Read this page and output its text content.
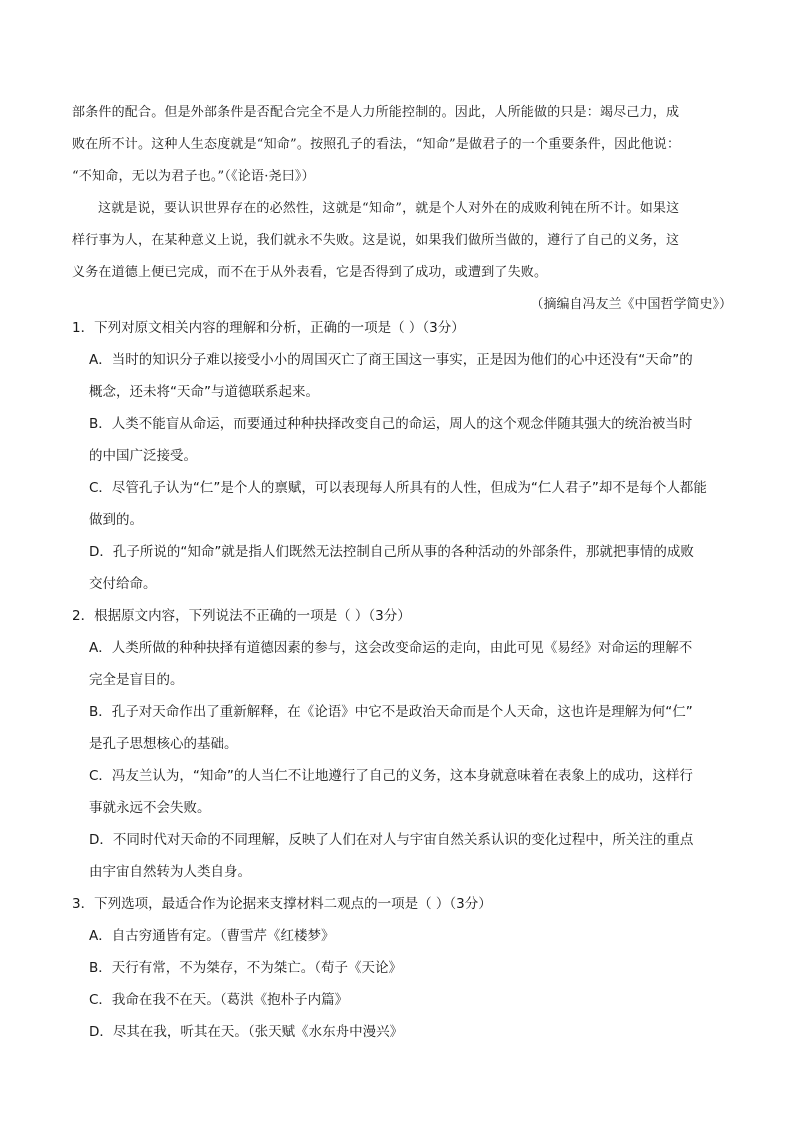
部条件的配合。但是外部条件是否配合完全不是人力所能控制的。因此，人所能做的只是：竭尽己力，成
败在所不计。这种人生态度就是“知命”。按照孔子的看法，“知命”是做君子的一个重要条件，因此他说：
“不知命，无以为君子也。”（《论语·尧曰》）
这就是说，要认识世界存在的必然性，这就是“知命”，就是个人对外在的成败利钝在所不计。如果这
样行事为人，在某种意义上说，我们就永不失败。这是说，如果我们做所当做的，遵行了自己的义务，这
义务在道德上便已完成，而不在于从外表看，它是否得到了成功，或遭到了失败。
（摘编自冯友兰《中国哲学简史》）
1．下列对原文相关内容的理解和分析，正确的一项是（ ）（3分）
A．当时的知识分子难以接受小小的周国灭亡了商王国这一事实，正是因为他们的心中还没有“天命”的
概念，还未将“天命”与道德联系起来。
B．人类不能盲从命运，而要通过种种抉择改变自己的命运，周人的这个观念伴随其强大的统治被当时
的中国广泛接受。
C．尽管孔子认为“仁”是个人的禀赋，可以表现每人所具有的人性，但成为“仁人君子”却不是每个人都能
做到的。
D．孔子所说的“知命”就是指人们既然无法控制自己所从事的各种活动的外部条件，那就把事情的成败
交付给命。
2．根据原文内容，下列说法不正确的一项是（ ）（3分）
A．人类所做的种种抉择有道德因素的参与，这会改变命运的走向，由此可见《易经》对命运的理解不
完全是盲目的。
B．孔子对天命作出了重新解释，在《论语》中它不是政治天命而是个人天命，这也许是理解为何“仁”
是孔子思想核心的基础。
C．冯友兰认为，“知命”的人当仁不让地遵行了自己的义务，这本身就意味着在表象上的成功，这样行
事就永远不会失败。
D．不同时代对天命的不同理解，反映了人们在对人与宇宙自然关系认识的变化过程中，所关注的重点
由宇宙自然转为人类自身。
3．下列选项，最适合作为论据来支撑材料二观点的一项是（ ）（3分）
A．自古穷通皆有定。（曹雪芹《红楼梦》
B．天行有常，不为桀存，不为桀亡。（荀子《天论》
C．我命在我不在天。（葛洪《抱朴子内篇》
D．尽其在我，听其在天。（张天赋《水东舟中漫兴》
